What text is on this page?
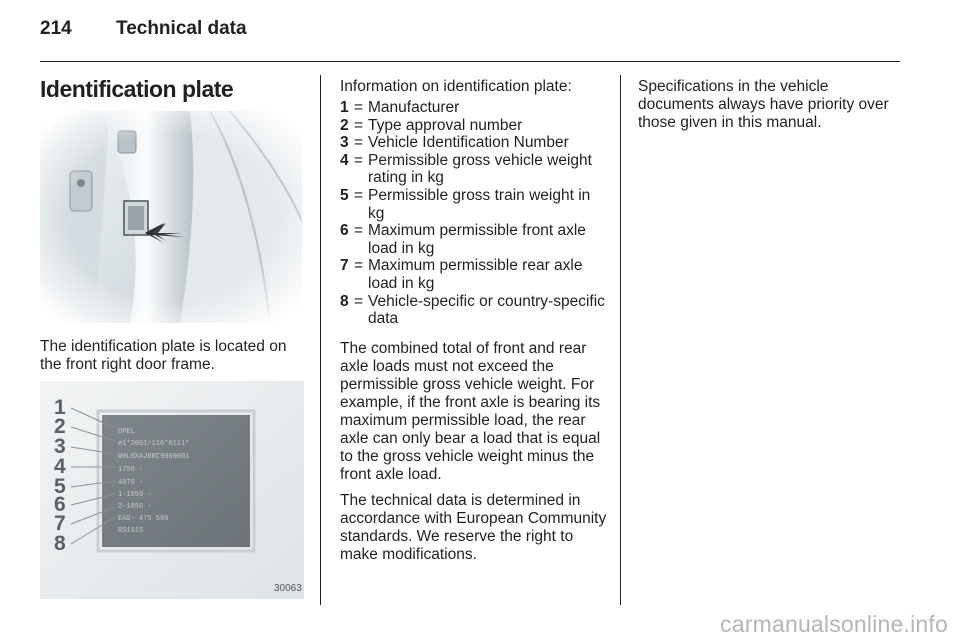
214	Technical data
Identification plate
The identification plate is located on the front right door frame.
1
2
3
4
5
6
7
8
OPEL
e1*2001/116*0111*
W0L0XAJ8RC9000001
1750 -
4070 -
1-1050 -
2-1050 -
EAS- 475 580
RS1515
30063
Information on identification plate:
1 = Manufacturer
2 = Type approval number
3 = Vehicle Identification Number
4 = Permissible gross vehicle weight rating in kg
5 = Permissible gross train weight in kg
6 = Maximum permissible front axle load in kg
7 = Maximum permissible rear axle load in kg
8 = Vehicle-specific or country-specific data

The combined total of front and rear axle loads must not exceed the permissible gross vehicle weight. For example, if the front axle is bearing its maximum permissible load, the rear axle can only bear a load that is equal to the gross vehicle weight minus the front axle load.

The technical data is determined in accordance with European Community standards. We reserve the right to make modifications.

Specifications in the vehicle documents always have priority over those given in this manual.

carmanualsonline.info
